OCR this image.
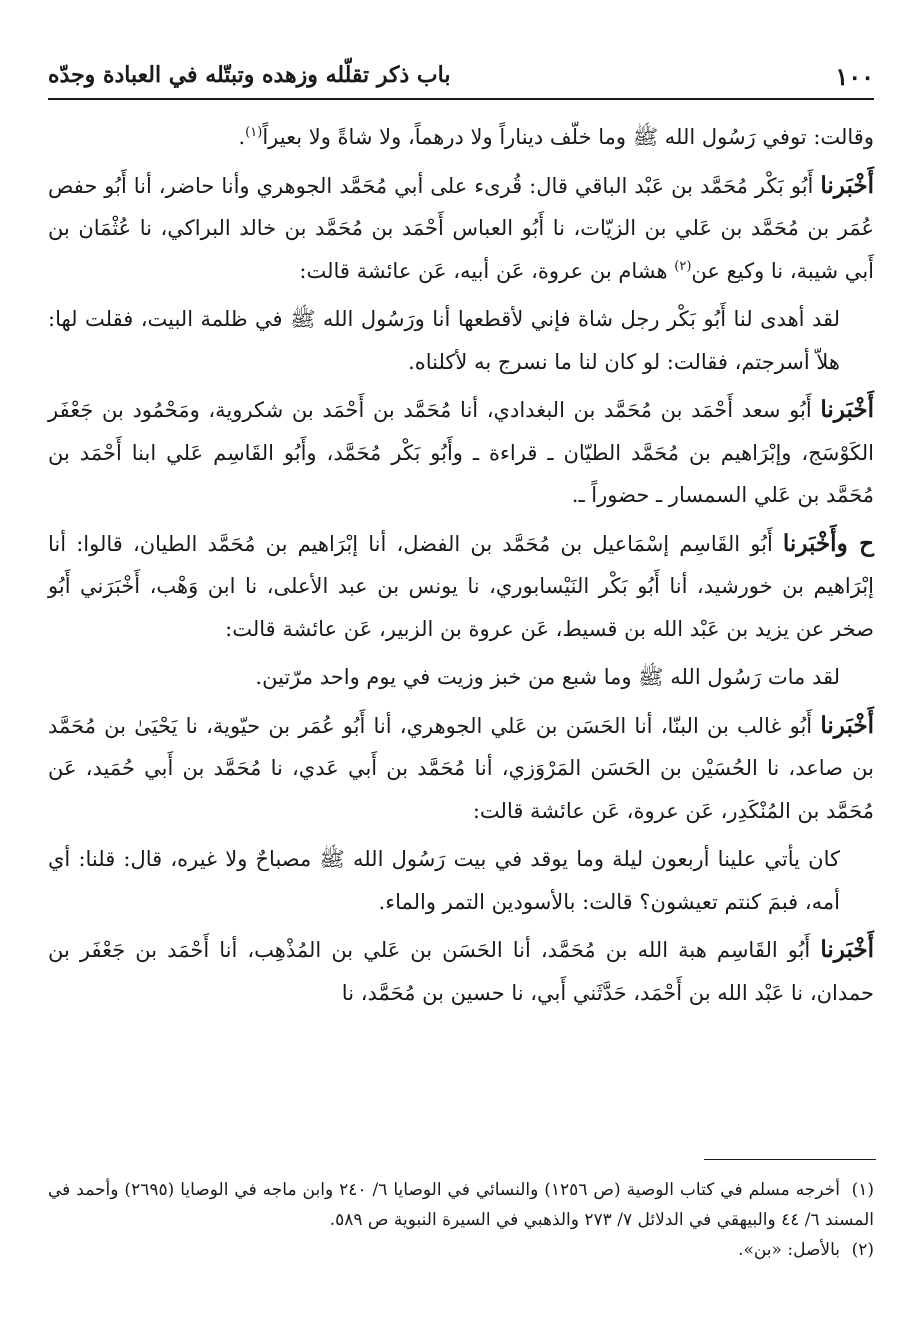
١٠٠
باب ذكر تقلّله وزهده وتبتّله في العبادة وجدّه

وقالت: توفي رَسُول الله ﷺ وما خلّف ديناراً ولا درهماً، ولا شاةً ولا بعيراً$^{(١)}$.

أَخْبَرنا أَبُو بَكْر مُحَمَّد بن عَبْد الباقي قال: قُرىء على أبي مُحَمَّد الجوهري وأنا حاضر، أنا أَبُو حفص عُمَر بن مُحَمَّد بن عَلي بن الزيّات، نا أَبُو العباس أَحْمَد بن مُحَمَّد بن خالد البراكي، نا عُثْمَان بن أَبي شيبة، نا وكيع عن$^{(٢)}$ هشام بن عروة، عَن أبيه، عَن عائشة قالت:

لقد أهدى لنا أَبُو بَكْر رجل شاة فإني لأقطعها أنا ورَسُول الله ﷺ في ظلمة البيت، فقلت لها: هلاّ أسرجتم، فقالت: لو كان لنا ما نسرج به لأكلناه.

أَخْبَرنا أَبُو سعد أَحْمَد بن مُحَمَّد بن البغدادي، أنا مُحَمَّد بن أَحْمَد بن شكروية، ومَحْمُود بن جَعْفَر الكَوْسَج، وإبْرَاهيم بن مُحَمَّد الطيّان ـ قراءة ـ وأَبُو بَكْر مُحَمَّد، وأَبُو القَاسِم عَلي ابنا أَحْمَد بن مُحَمَّد بن عَلي السمسار ـ حضوراً ـ.

ح وأَخْبَرنا أَبُو القَاسِم إسْمَاعيل بن مُحَمَّد بن الفضل، أنا إبْرَاهيم بن مُحَمَّد الطيان، قالوا: أنا إبْرَاهيم بن خورشيد، أنا أَبُو بَكْر النَيْسابوري، نا يونس بن عبد الأعلى، نا ابن وَهْب، أَخْبَرَني أَبُو صخر عن يزيد بن عَبْد الله بن قسيط، عَن عروة بن الزبير، عَن عائشة قالت:

لقد مات رَسُول الله ﷺ وما شبع من خبز وزيت في يوم واحد مرّتين.

أَخْبَرنا أَبُو غالب بن البنّا، أنا الحَسَن بن عَلي الجوهري، أنا أَبُو عُمَر بن حيّوية، نا يَحْيَىٰ بن مُحَمَّد بن صاعد، نا الحُسَيْن بن الحَسَن المَرْوَزي، أنا مُحَمَّد بن أَبي عَدي، نا مُحَمَّد بن أَبي حُمَيد، عَن مُحَمَّد بن المُنْكَدِر، عَن عروة، عَن عائشة قالت:

كان يأتي علينا أربعون ليلة وما يوقد في بيت رَسُول الله ﷺ مصباحٌ ولا غيره، قال: قلنا: أي أمه، فبمَ كنتم تعيشون؟ قالت: بالأسودين التمر والماء.

أَخْبَرنا أَبُو القَاسِم هبة الله بن مُحَمَّد، أنا الحَسَن بن عَلي بن المُذْهِب، أنا أَحْمَد بن جَعْفَر بن حمدان، نا عَبْد الله بن أَحْمَد، حَدَّثَني أَبي، نا حسين بن مُحَمَّد، نا

(١)أخرجه مسلم في كتاب الوصية (ص ١٢٥٦) والنسائي في الوصايا ٦/ ٢٤٠ وابن ماجه في الوصايا (٢٦٩٥) وأحمد في المسند ٦/ ٤٤ والبيهقي في الدلائل ٧/ ٢٧٣ والذهبي في السيرة النبوية ص ٥٨٩.

(٢)بالأصل: «بن».
